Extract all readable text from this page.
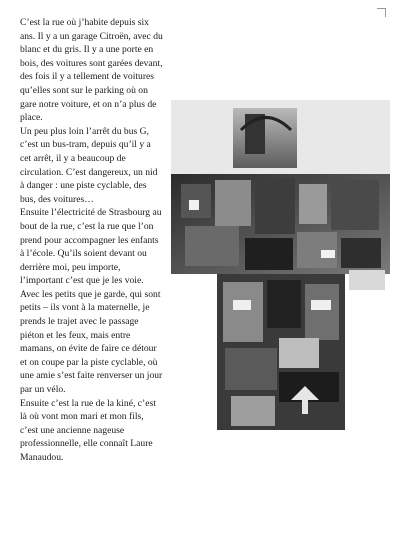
C’est la rue où j’habite depuis six ans. Il y a un garage Citroën, avec du blanc et du gris. Il y a une porte en bois, des voitures sont garées devant, des fois il y a tellement de voitures qu’elles sont sur le parking où on gare notre voiture, et on n’a plus de place.

Un peu plus loin l’arrêt du bus G, c’est un bus-tram, depuis qu’il y a cet arrêt, il y a beaucoup de circulation. C’est dangereux, un nid à danger : une piste cyclable, des bus, des voitures…

Ensuite l’électricité de Strasbourg au bout de la rue, c’est la rue que l’on prend pour accompagner les enfants à l’école. Qu’ils soient devant ou derrière moi, peu importe, l’important c’est que je les voie.

Avec les petits que je garde, qui sont petits – ils vont à la maternelle, je prends le trajet avec le passage piéton et les feux, mais entre mamans, on évite de faire ce détour et on coupe par la piste cyclable, où une amie s’est faite renverser un jour par un vélo.

Ensuite c’est la rue de la kiné, c’est là où vont mon mari et mon fils, c’est une ancienne nageuse professionnelle, elle connaît Laure Manaudou.
